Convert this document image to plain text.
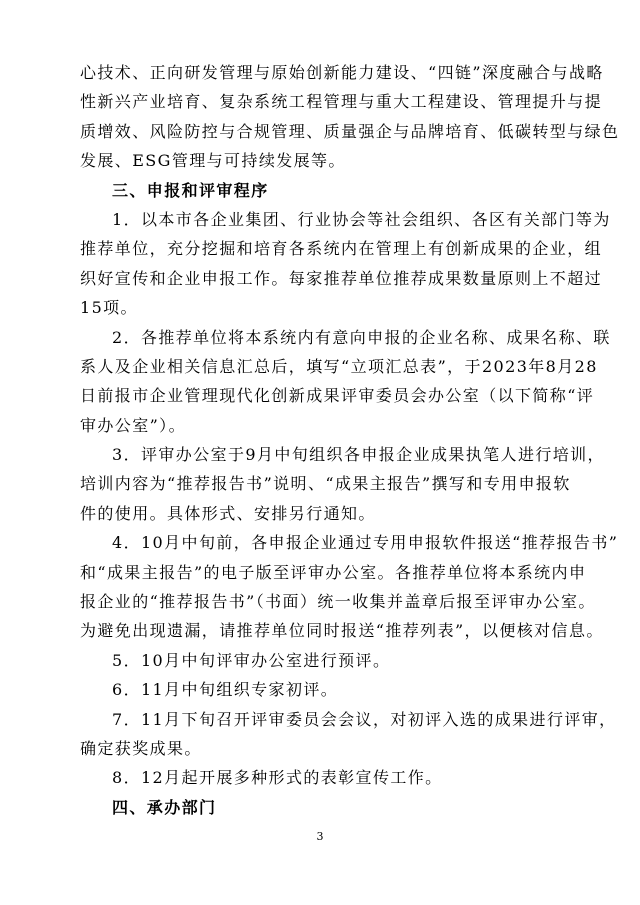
心技术、正向研发管理与原始创新能力建设、“四链”深度融合与战略
性新兴产业培育、复杂系统工程管理与重大工程建设、管理提升与提
质增效、风险防控与合规管理、质量强企与品牌培育、低碳转型与绿色
发展、ESG管理与可持续发展等。
三、申报和评审程序
1．以本市各企业集团、行业协会等社会组织、各区有关部门等为
推荐单位，充分挖掘和培育各系统内在管理上有创新成果的企业，组
织好宣传和企业申报工作。每家推荐单位推荐成果数量原则上不超过
15项。
2．各推荐单位将本系统内有意向申报的企业名称、成果名称、联
系人及企业相关信息汇总后，填写“立项汇总表”，于2023年8月28
日前报市企业管理现代化创新成果评审委员会办公室（以下简称“评
审办公室”）。
3．评审办公室于9月中旬组织各申报企业成果执笔人进行培训，
培训内容为“推荐报告书”说明、“成果主报告”撰写和专用申报软
件的使用。具体形式、安排另行通知。
4．10月中旬前，各申报企业通过专用申报软件报送“推荐报告书”
和“成果主报告”的电子版至评审办公室。各推荐单位将本系统内申
报企业的“推荐报告书”（书面）统一收集并盖章后报至评审办公室。
为避免出现遗漏，请推荐单位同时报送“推荐列表”，以便核对信息。
5．10月中旬评审办公室进行预评。
6．11月中旬组织专家初评。
7．11月下旬召开评审委员会会议，对初评入选的成果进行评审，
确定获奖成果。
8．12月起开展多种形式的表彰宣传工作。
四、承办部门
3
